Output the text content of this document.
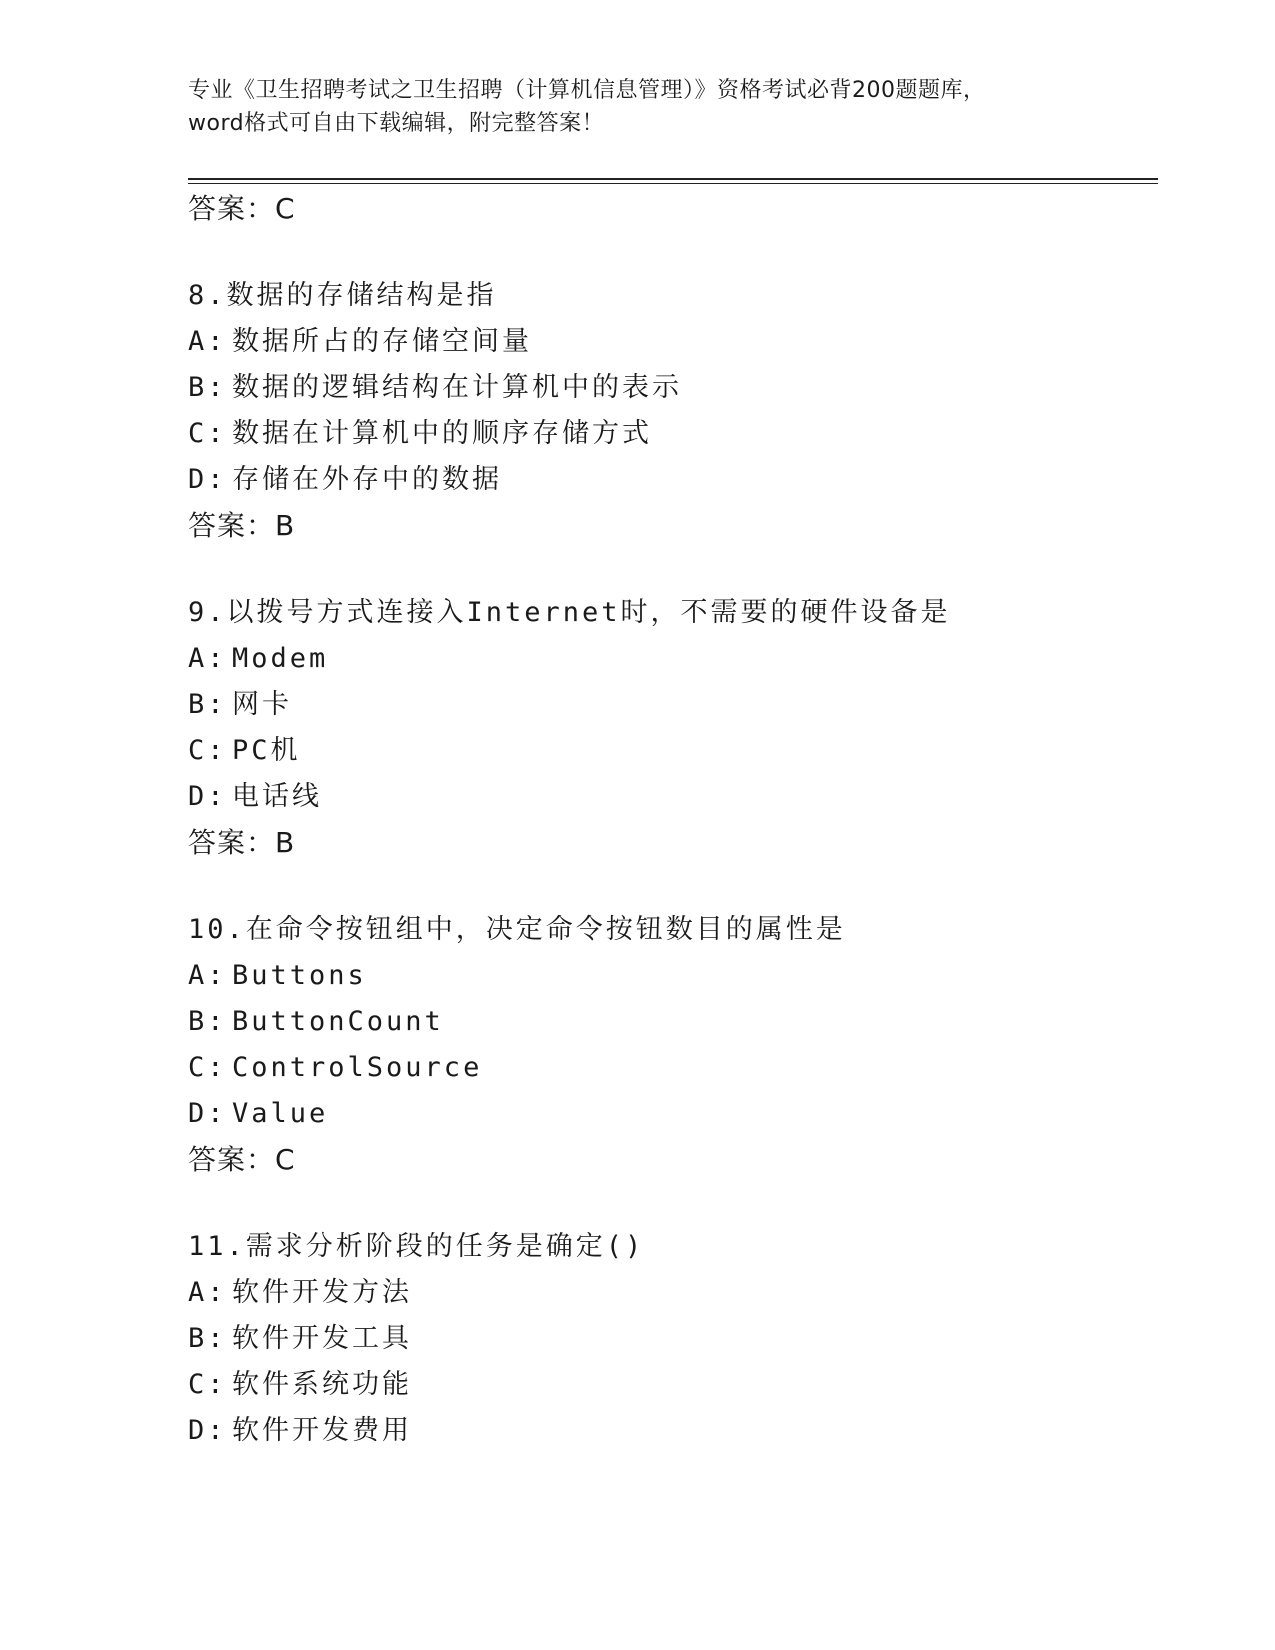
专业《卫生招聘考试之卫生招聘（计算机信息管理）》资格考试必背200题题库，
word格式可自由下载编辑，附完整答案！
答案：C
8.数据的存储结构是指
A: 数据所占的存储空间量
B: 数据的逻辑结构在计算机中的表示
C: 数据在计算机中的顺序存储方式
D: 存储在外存中的数据
答案：B
9.以拨号方式连接入Internet时，不需要的硬件设备是
A: Modem
B: 网卡
C: PC机
D: 电话线
答案：B
10.在命令按钮组中，决定命令按钮数目的属性是
A: Buttons
B: ButtonCount
C: ControlSource
D: Value
答案：C
11.需求分析阶段的任务是确定()
A: 软件开发方法
B: 软件开发工具
C: 软件系统功能
D: 软件开发费用
